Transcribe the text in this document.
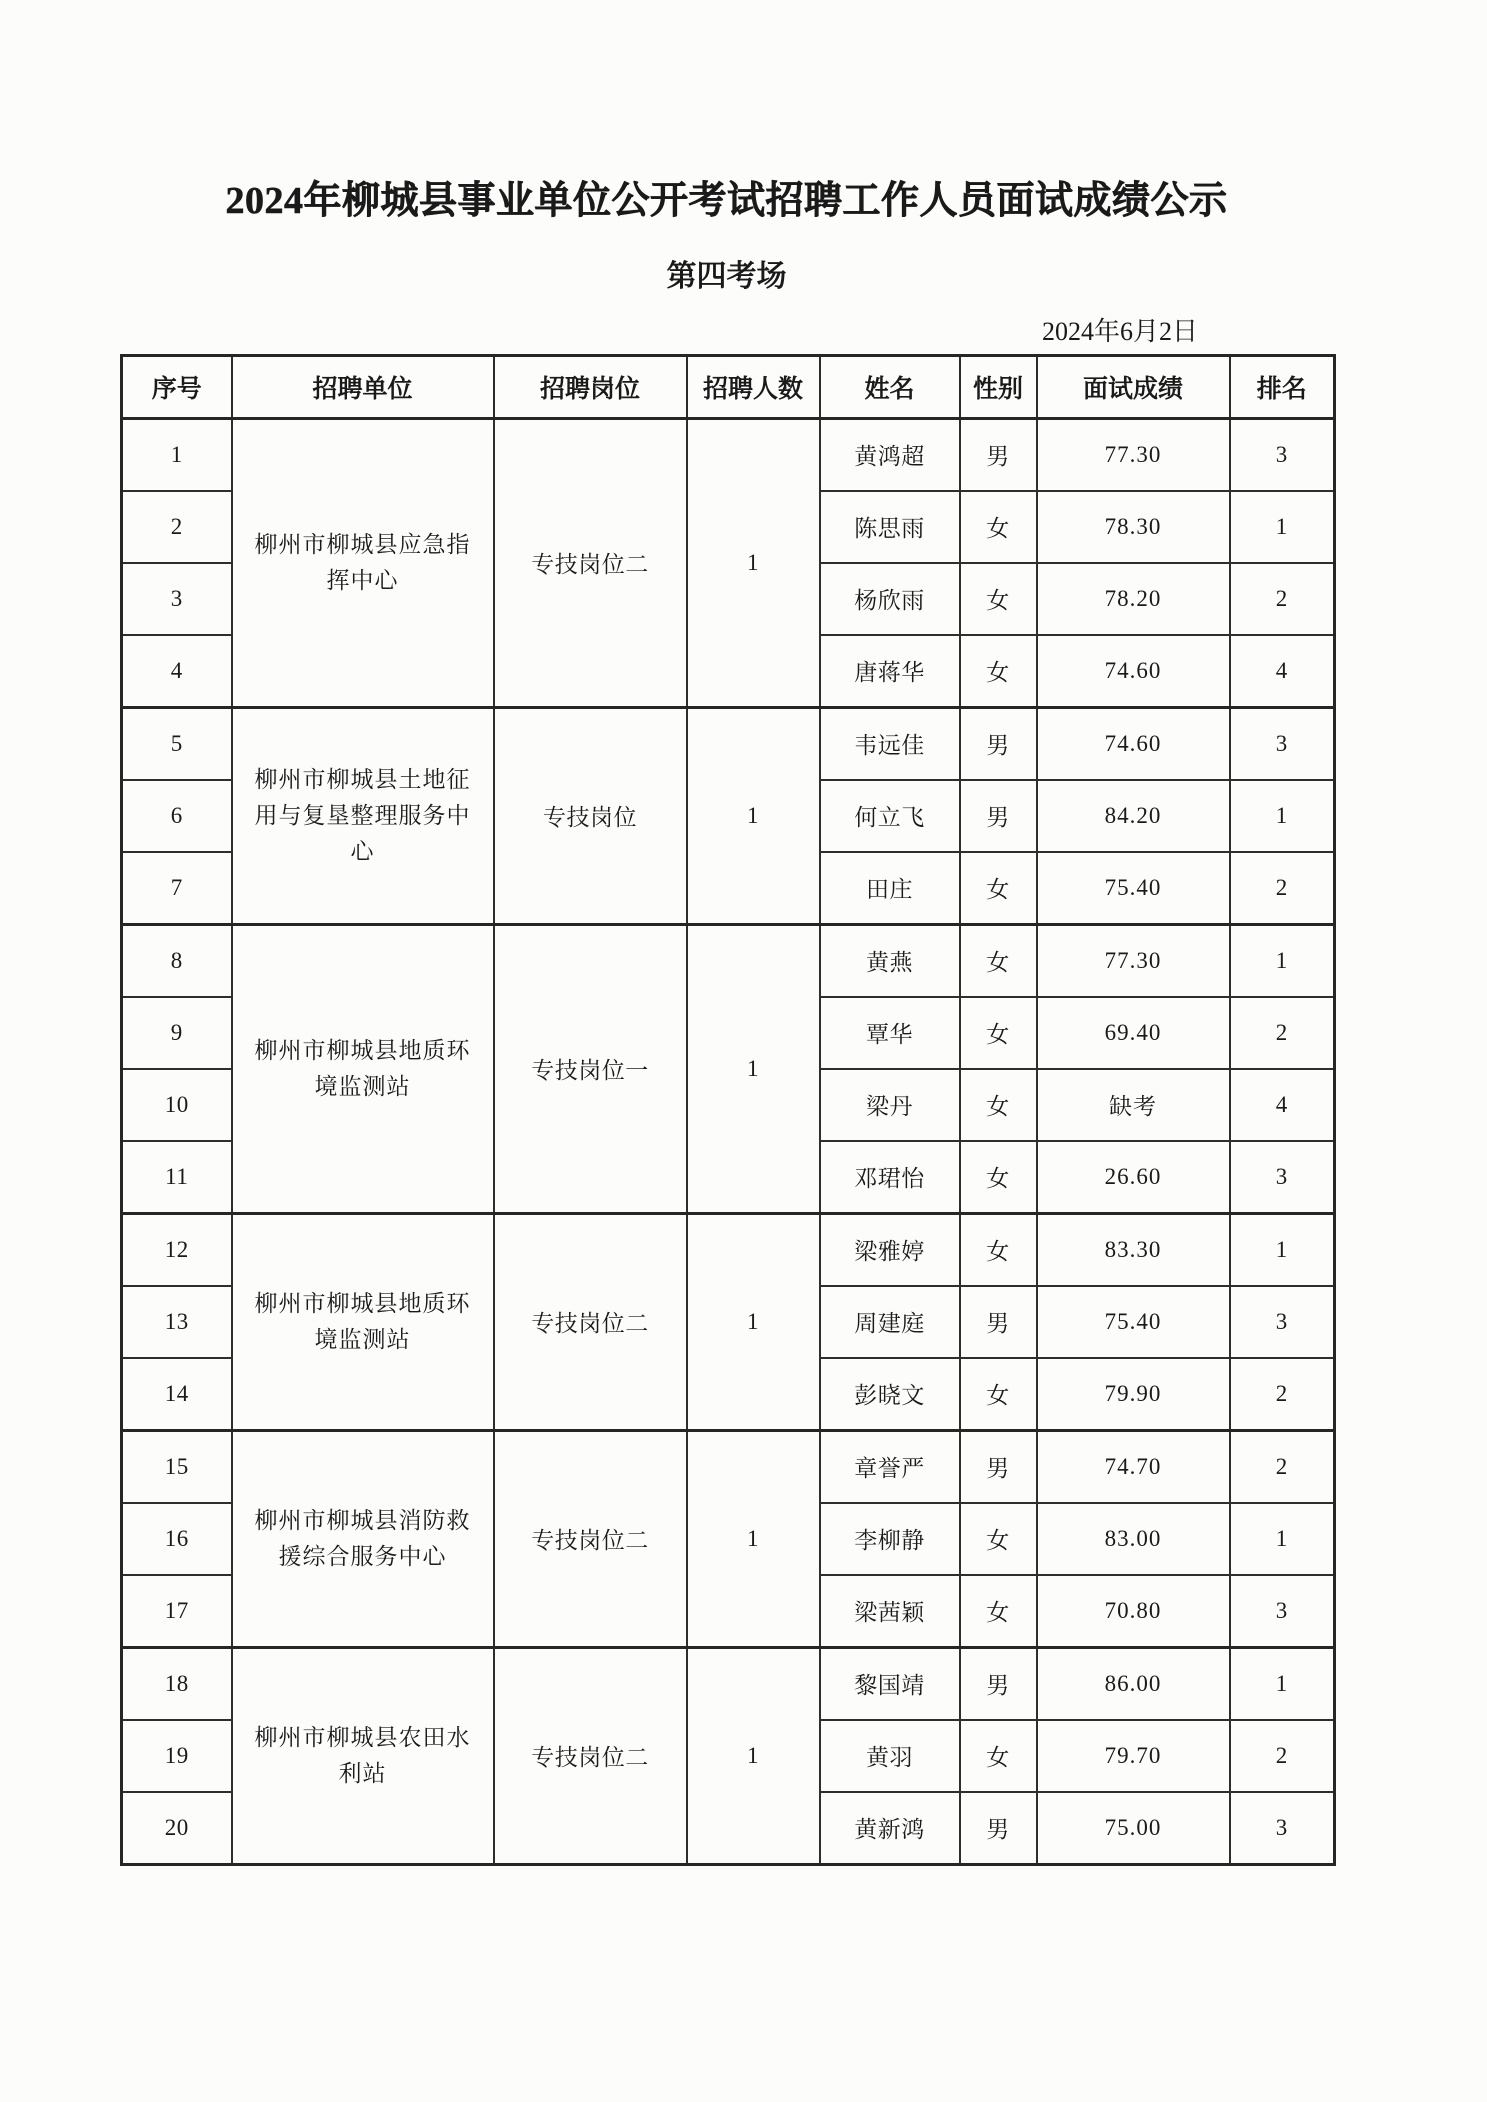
2024年柳城县事业单位公开考试招聘工作人员面试成绩公示
第四考场
2024年6月2日
序号	招聘单位	招聘岗位	招聘人数	姓名	性别	面试成绩	排名
1	柳州市柳城县应急指挥中心	专技岗位二	1	黄鸿超	男	77.30	3
2				陈思雨	女	78.30	1
3				杨欣雨	女	78.20	2
4				唐蒋华	女	74.60	4
5	柳州市柳城县土地征用与复垦整理服务中心	专技岗位	1	韦远佳	男	74.60	3
6				何立飞	男	84.20	1
7				田庄	女	75.40	2
8	柳州市柳城县地质环境监测站	专技岗位一	1	黄燕	女	77.30	1
9				覃华	女	69.40	2
10				梁丹	女	缺考	4
11				邓珺怡	女	26.60	3
12	柳州市柳城县地质环境监测站	专技岗位二	1	梁雅婷	女	83.30	1
13				周建庭	男	75.40	3
14				彭晓文	女	79.90	2
15	柳州市柳城县消防救援综合服务中心	专技岗位二	1	章誉严	男	74.70	2
16				李柳静	女	83.00	1
17				梁茜颖	女	70.80	3
18	柳州市柳城县农田水利站	专技岗位二	1	黎国靖	男	86.00	1
19				黄羽	女	79.70	2
20				黄新鸿	男	75.00	3
